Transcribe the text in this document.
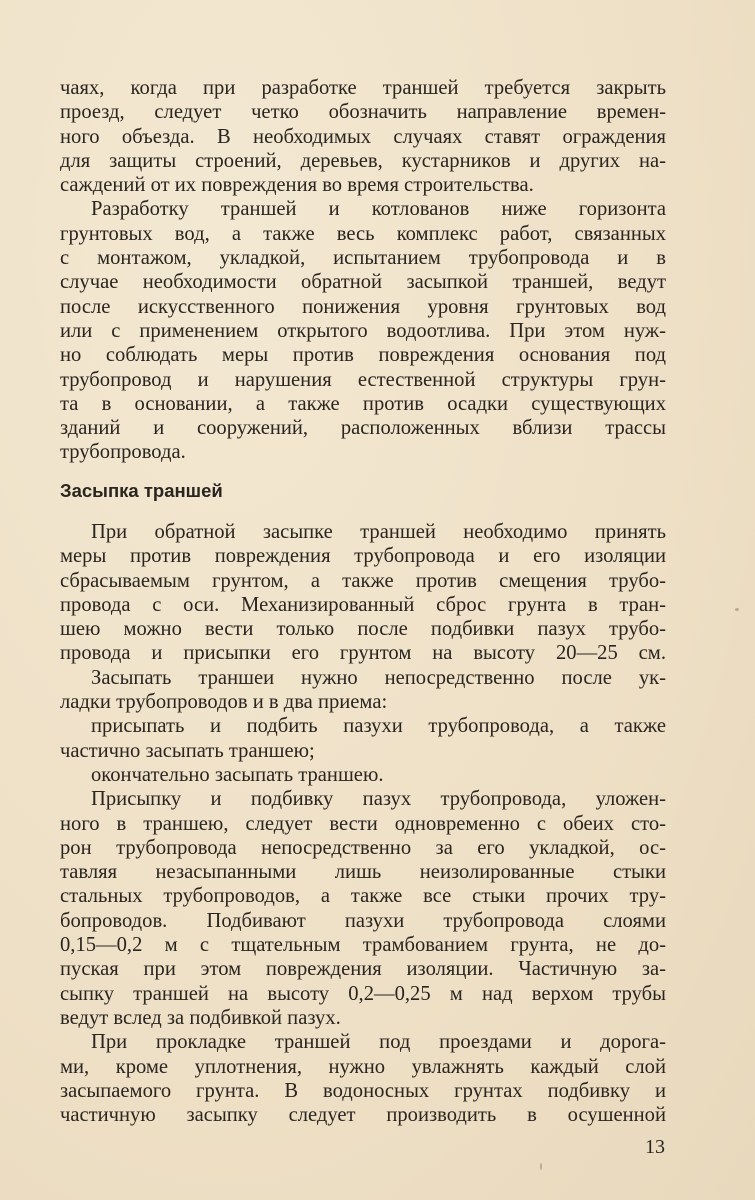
чаях, когда при разработке траншей требуется закрыть
проезд, следует четко обозначить направление времен-
ного объезда. В необходимых случаях ставят ограждения
для защиты строений, деревьев, кустарников и других на-
саждений от их повреждения во время строительства.
Разработку траншей и котлованов ниже горизонта
грунтовых вод, а также весь комплекс работ, связанных
с монтажом, укладкой, испытанием трубопровода и в
случае необходимости обратной засыпкой траншей, ведут
после искусственного понижения уровня грунтовых вод
или с применением открытого водоотлива. При этом нуж-
но соблюдать меры против повреждения основания под
трубопровод и нарушения естественной структуры грун-
та в основании, а также против осадки существующих
зданий и сооружений, расположенных вблизи трассы
трубопровода.
Засыпка траншей
При обратной засыпке траншей необходимо принять
меры против повреждения трубопровода и его изоляции
сбрасываемым грунтом, а также против смещения трубо-
провода с оси. Механизированный сброс грунта в тран-
шею можно вести только после подбивки пазух трубо-
провода и присыпки его грунтом на высоту 20—25 см.
Засыпать траншеи нужно непосредственно после ук-
ладки трубопроводов и в два приема:
присыпать и подбить пазухи трубопровода, а также
частично засыпать траншею;
окончательно засыпать траншею.
Присыпку и подбивку пазух трубопровода, уложен-
ного в траншею, следует вести одновременно с обеих сто-
рон трубопровода непосредственно за его укладкой, ос-
тавляя незасыпанными лишь неизолированные стыки
стальных трубопроводов, а также все стыки прочих тру-
бопроводов. Подбивают пазухи трубопровода слоями
0,15—0,2 м с тщательным трамбованием грунта, не до-
пуская при этом повреждения изоляции. Частичную за-
сыпку траншей на высоту 0,2—0,25 м над верхом трубы
ведут вслед за подбивкой пазух.
При прокладке траншей под проездами и дорога-
ми, кроме уплотнения, нужно увлажнять каждый слой
засыпаемого грунта. В водоносных грунтах подбивку и
частичную засыпку следует производить в осушенной
13
